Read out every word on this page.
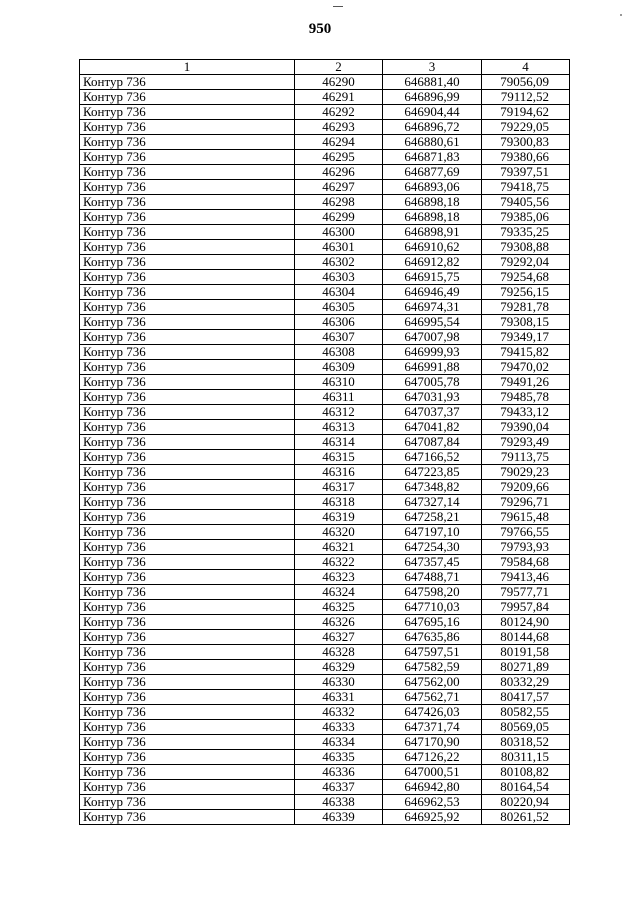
950
1	2	3	4
Контур 736	46290	646881,40	79056,09
Контур 736	46291	646896,99	79112,52
Контур 736	46292	646904,44	79194,62
Контур 736	46293	646896,72	79229,05
Контур 736	46294	646880,61	79300,83
Контур 736	46295	646871,83	79380,66
Контур 736	46296	646877,69	79397,51
Контур 736	46297	646893,06	79418,75
Контур 736	46298	646898,18	79405,56
Контур 736	46299	646898,18	79385,06
Контур 736	46300	646898,91	79335,25
Контур 736	46301	646910,62	79308,88
Контур 736	46302	646912,82	79292,04
Контур 736	46303	646915,75	79254,68
Контур 736	46304	646946,49	79256,15
Контур 736	46305	646974,31	79281,78
Контур 736	46306	646995,54	79308,15
Контур 736	46307	647007,98	79349,17
Контур 736	46308	646999,93	79415,82
Контур 736	46309	646991,88	79470,02
Контур 736	46310	647005,78	79491,26
Контур 736	46311	647031,93	79485,78
Контур 736	46312	647037,37	79433,12
Контур 736	46313	647041,82	79390,04
Контур 736	46314	647087,84	79293,49
Контур 736	46315	647166,52	79113,75
Контур 736	46316	647223,85	79029,23
Контур 736	46317	647348,82	79209,66
Контур 736	46318	647327,14	79296,71
Контур 736	46319	647258,21	79615,48
Контур 736	46320	647197,10	79766,55
Контур 736	46321	647254,30	79793,93
Контур 736	46322	647357,45	79584,68
Контур 736	46323	647488,71	79413,46
Контур 736	46324	647598,20	79577,71
Контур 736	46325	647710,03	79957,84
Контур 736	46326	647695,16	80124,90
Контур 736	46327	647635,86	80144,68
Контур 736	46328	647597,51	80191,58
Контур 736	46329	647582,59	80271,89
Контур 736	46330	647562,00	80332,29
Контур 736	46331	647562,71	80417,57
Контур 736	46332	647426,03	80582,55
Контур 736	46333	647371,74	80569,05
Контур 736	46334	647170,90	80318,52
Контур 736	46335	647126,22	80311,15
Контур 736	46336	647000,51	80108,82
Контур 736	46337	646942,80	80164,54
Контур 736	46338	646962,53	80220,94
Контур 736	46339	646925,92	80261,52
